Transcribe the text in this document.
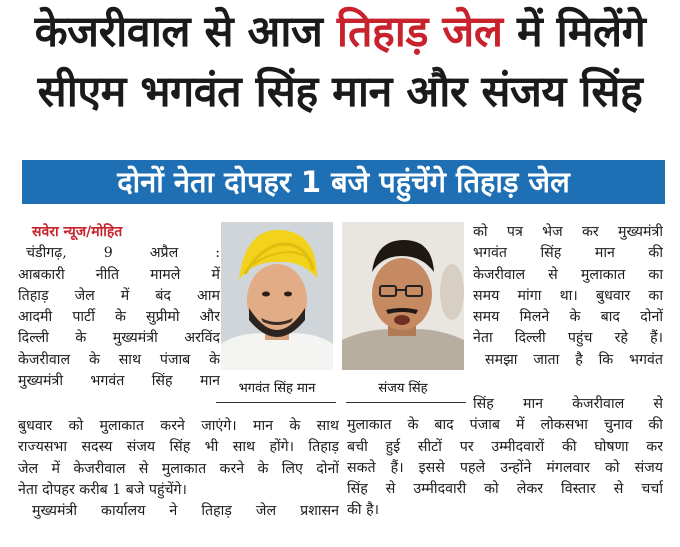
केजरीवाल से आज तिहाड़ जेल में मिलेंगे
सीएम भगवंत सिंह मान और संजय सिंह
दोनों नेता दोपहर 1 बजे पहुंचेंगे तिहाड़ जेल
सवेरा न्यूज/मोहित
चंडीगढ़, 9 अप्रैल :
आबकारी नीति मामले में
तिहाड़ जेल में बंद आम
आदमी पार्टी के सुप्रीमो और
दिल्ली के मुख्यमंत्री अरविंद
केजरीवाल के साथ पंजाब के
मुख्यमंत्री भगवंत सिंह मान	भगवंत सिंह मान	संजय सिंह
बुधवार को मुलाकात करने जाएंगे। मान के साथ
राज्यसभा सदस्य संजय सिंह भी साथ होंगे। तिहाड़
जेल में केजरीवाल से मुलाकात करने के लिए दोनों
नेता दोपहर करीब 1 बजे पहुंचेंगे।
मुख्यमंत्री कार्यालय ने तिहाड़ जेल प्रशासन
को पत्र भेज कर मुख्यमंत्री
भगवंत सिंह मान की
केजरीवाल से मुलाकात का
समय मांगा था। बुधवार का
समय मिलने के बाद दोनों
नेता दिल्ली पहुंच रहे हैं।
समझा जाता है कि भगवंत
सिंह मान केजरीवाल से
मुलाकात के बाद पंजाब में लोकसभा चुनाव की
बची हुई सीटों पर उम्मीदवारों की घोषणा कर
सकते हैं। इससे पहले उन्होंने मंगलवार को संजय
सिंह से उम्मीदवारी को लेकर विस्तार से चर्चा
की है।
